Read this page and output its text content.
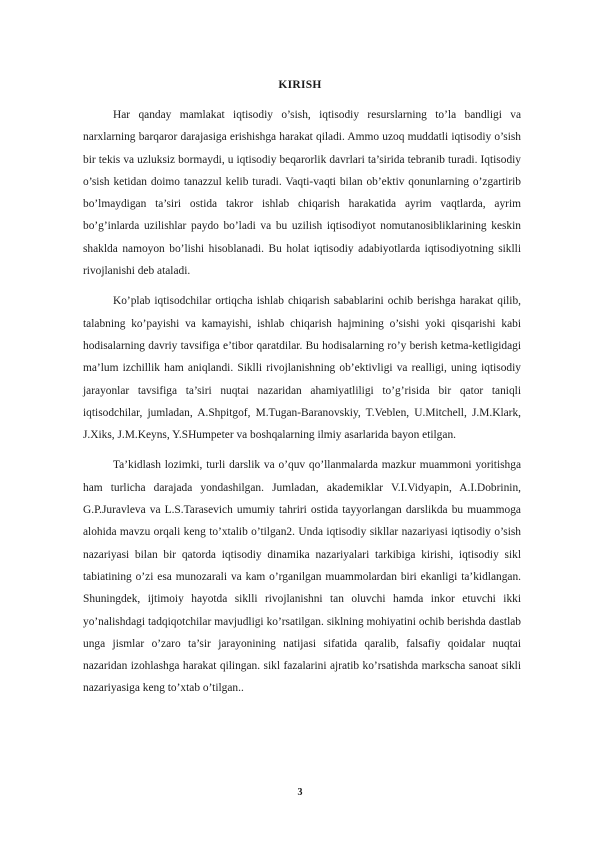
KIRISH

Har qanday mamlakat iqtisodiy o’sish, iqtisodiy resurslarning to’la bandligi va narxlarning barqaror darajasiga erishishga harakat qiladi. Ammo uzoq muddatli iqtisodiy o’sish bir tekis va uzluksiz bormaydi, u iqtisodiy beqarorlik davrlari ta’sirida tebranib turadi. Iqtisodiy o’sish ketidan doimo tanazzul kelib turadi. Vaqti-vaqti bilan ob’ektiv qonunlarning o’zgartirib bo’lmaydigan ta’siri ostida takror ishlab chiqarish harakatida ayrim vaqtlarda, ayrim bo’g’inlarda uzilishlar paydo bo’ladi va bu uzilish iqtisodiyot nomutanosibliklarining keskin shaklda namoyon bo’lishi hisoblanadi. Bu holat iqtisodiy adabiyotlarda iqtisodiyotning siklli rivojlanishi deb ataladi.

Ko’plab iqtisodchilar ortiqcha ishlab chiqarish sabablarini ochib berishga harakat qilib, talabning ko’payishi va kamayishi, ishlab chiqarish hajmining o’sishi yoki qisqarishi kabi hodisalarning davriy tavsifiga e’tibor qaratdilar. Bu hodisalarning ro’y berish ketma-ketligidagi ma’lum izchillik ham aniqlandi. Siklli rivojlanishning ob’ektivligi va realligi, uning iqtisodiy jarayonlar tavsifiga ta’siri nuqtai nazaridan ahamiyatliligi to’g’risida bir qator taniqli iqtisodchilar, jumladan, A.Shpitgof, M.Tugan-Baranovskiy, T.Veblen, U.Mitchell, J.M.Klark, J.Xiks, J.M.Keyns, Y.SHumpeter va boshqalarning ilmiy asarlarida bayon etilgan.

Ta’kidlash lozimki, turli darslik va o’quv qo’llanmalarda mazkur muammoni yoritishga ham turlicha darajada yondashilgan. Jumladan, akademiklar V.I.Vidyapin, A.I.Dobrinin, G.P.Juravleva va L.S.Tarasevich umumiy tahriri ostida tayyorlangan darslikda bu muammoga alohida mavzu orqali keng to’xtalib o’tilgan2. Unda iqtisodiy sikllar nazariyasi iqtisodiy o’sish nazariyasi bilan bir qatorda iqtisodiy dinamika nazariyalari tarkibiga kirishi, iqtisodiy sikl tabiatining o’zi esa munozarali va kam o’rganilgan muammolardan biri ekanligi ta’kidlangan. Shuningdek, ijtimoiy hayotda siklli rivojlanishni tan oluvchi hamda inkor etuvchi ikki yo’nalishdagi tadqiqotchilar mavjudligi ko’rsatilgan. siklning mohiyatini ochib berishda dastlab unga jismlar o’zaro ta’sir jarayonining natijasi sifatida qaralib, falsafiy qoidalar nuqtai nazaridan izohlashga harakat qilingan. sikl fazalarini ajratib ko’rsatishda markscha sanoat sikli nazariyasiga keng to’xtab o’tilgan..

3
